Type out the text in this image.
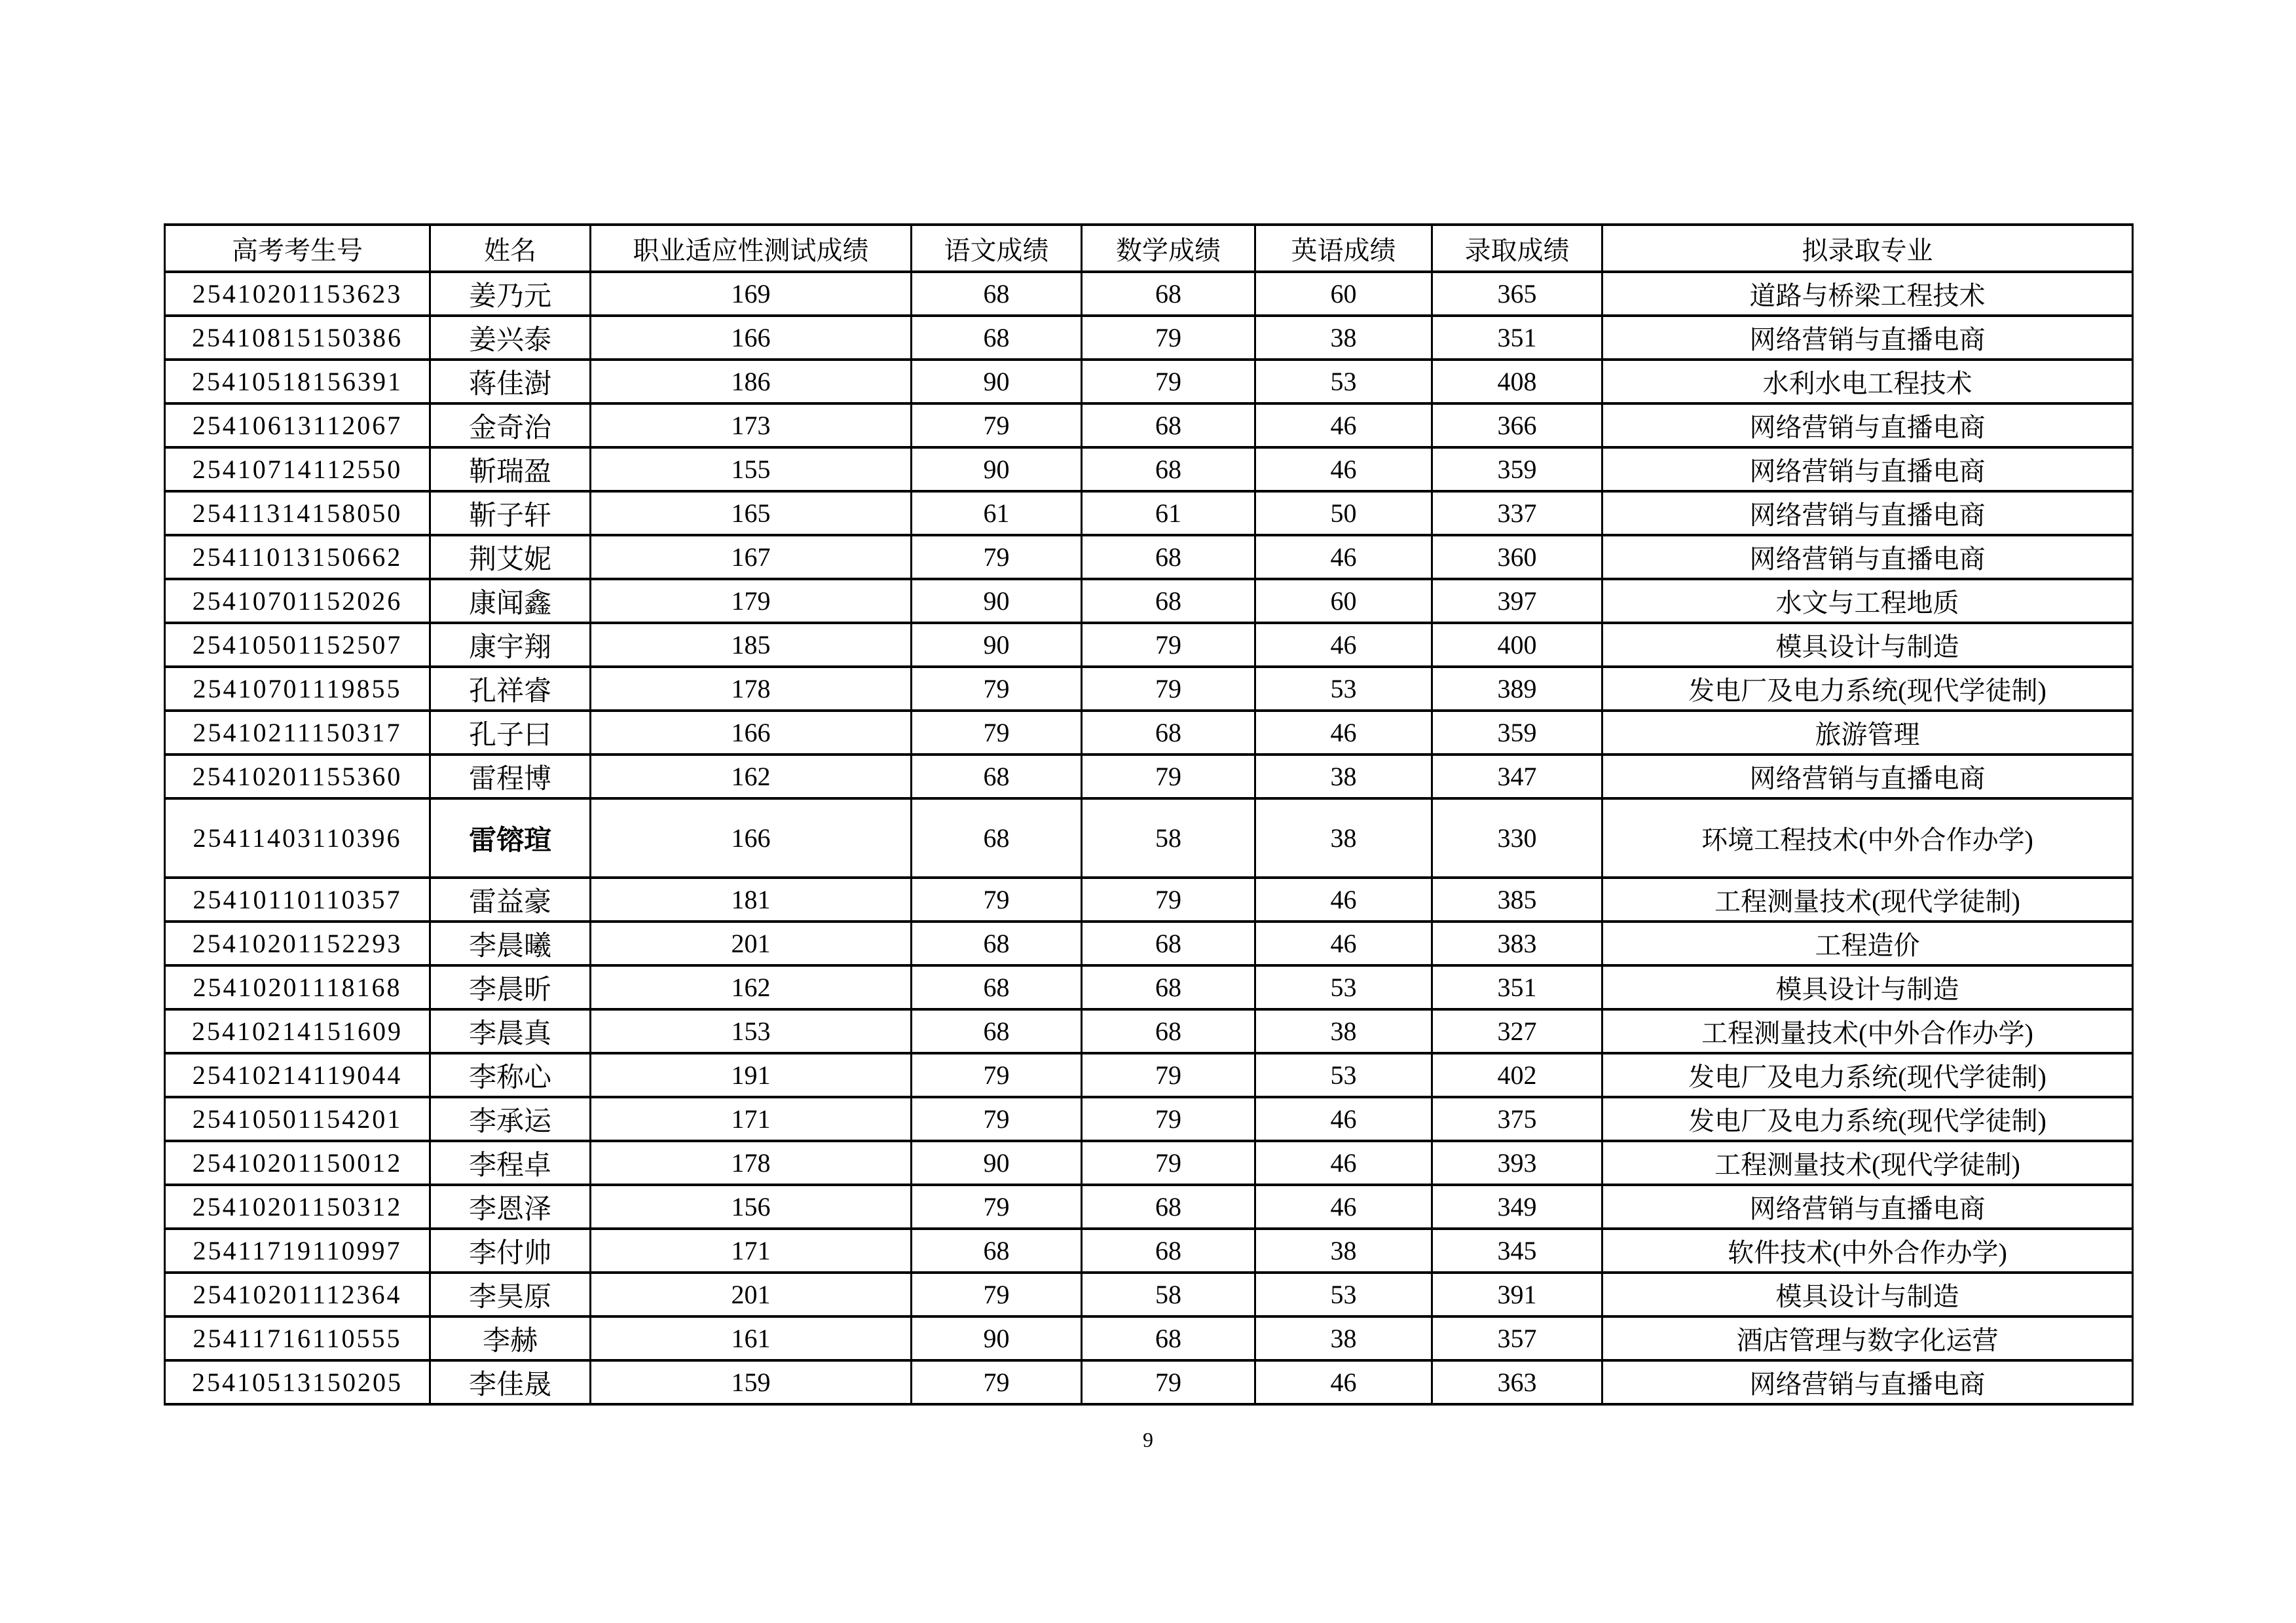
高考考生号	姓名	职业适应性测试成绩	语文成绩	数学成绩	英语成绩	录取成绩	拟录取专业
25410201153623	姜乃元	169	68	68	60	365	道路与桥梁工程技术
25410815150386	姜兴泰	166	68	79	38	351	网络营销与直播电商
25410518156391	蒋佳澍	186	90	79	53	408	水利水电工程技术
25410613112067	金奇治	173	79	68	46	366	网络营销与直播电商
25410714112550	靳瑞盈	155	90	68	46	359	网络营销与直播电商
25411314158050	靳子轩	165	61	61	50	337	网络营销与直播电商
25411013150662	荆艾妮	167	79	68	46	360	网络营销与直播电商
25410701152026	康闻鑫	179	90	68	60	397	水文与工程地质
25410501152507	康宇翔	185	90	79	46	400	模具设计与制造
25410701119855	孔祥睿	178	79	79	53	389	发电厂及电力系统(现代学徒制)
25410211150317	孔子曰	166	79	68	46	359	旅游管理
25410201155360	雷程博	162	68	79	38	347	网络营销与直播电商
25411403110396	雷镕瑄	166	68	58	38	330	环境工程技术(中外合作办学)
25410110110357	雷益豪	181	79	79	46	385	工程测量技术(现代学徒制)
25410201152293	李晨曦	201	68	68	46	383	工程造价
25410201118168	李晨昕	162	68	68	53	351	模具设计与制造
25410214151609	李晨真	153	68	68	38	327	工程测量技术(中外合作办学)
25410214119044	李称心	191	79	79	53	402	发电厂及电力系统(现代学徒制)
25410501154201	李承运	171	79	79	46	375	发电厂及电力系统(现代学徒制)
25410201150012	李程卓	178	90	79	46	393	工程测量技术(现代学徒制)
25410201150312	李恩泽	156	79	68	46	349	网络营销与直播电商
25411719110997	李付帅	171	68	68	38	345	软件技术(中外合作办学)
25410201112364	李昊原	201	79	58	53	391	模具设计与制造
25411716110555	李赫	161	90	68	38	357	酒店管理与数字化运营
25410513150205	李佳晟	159	79	79	46	363	网络营销与直播电商
9
